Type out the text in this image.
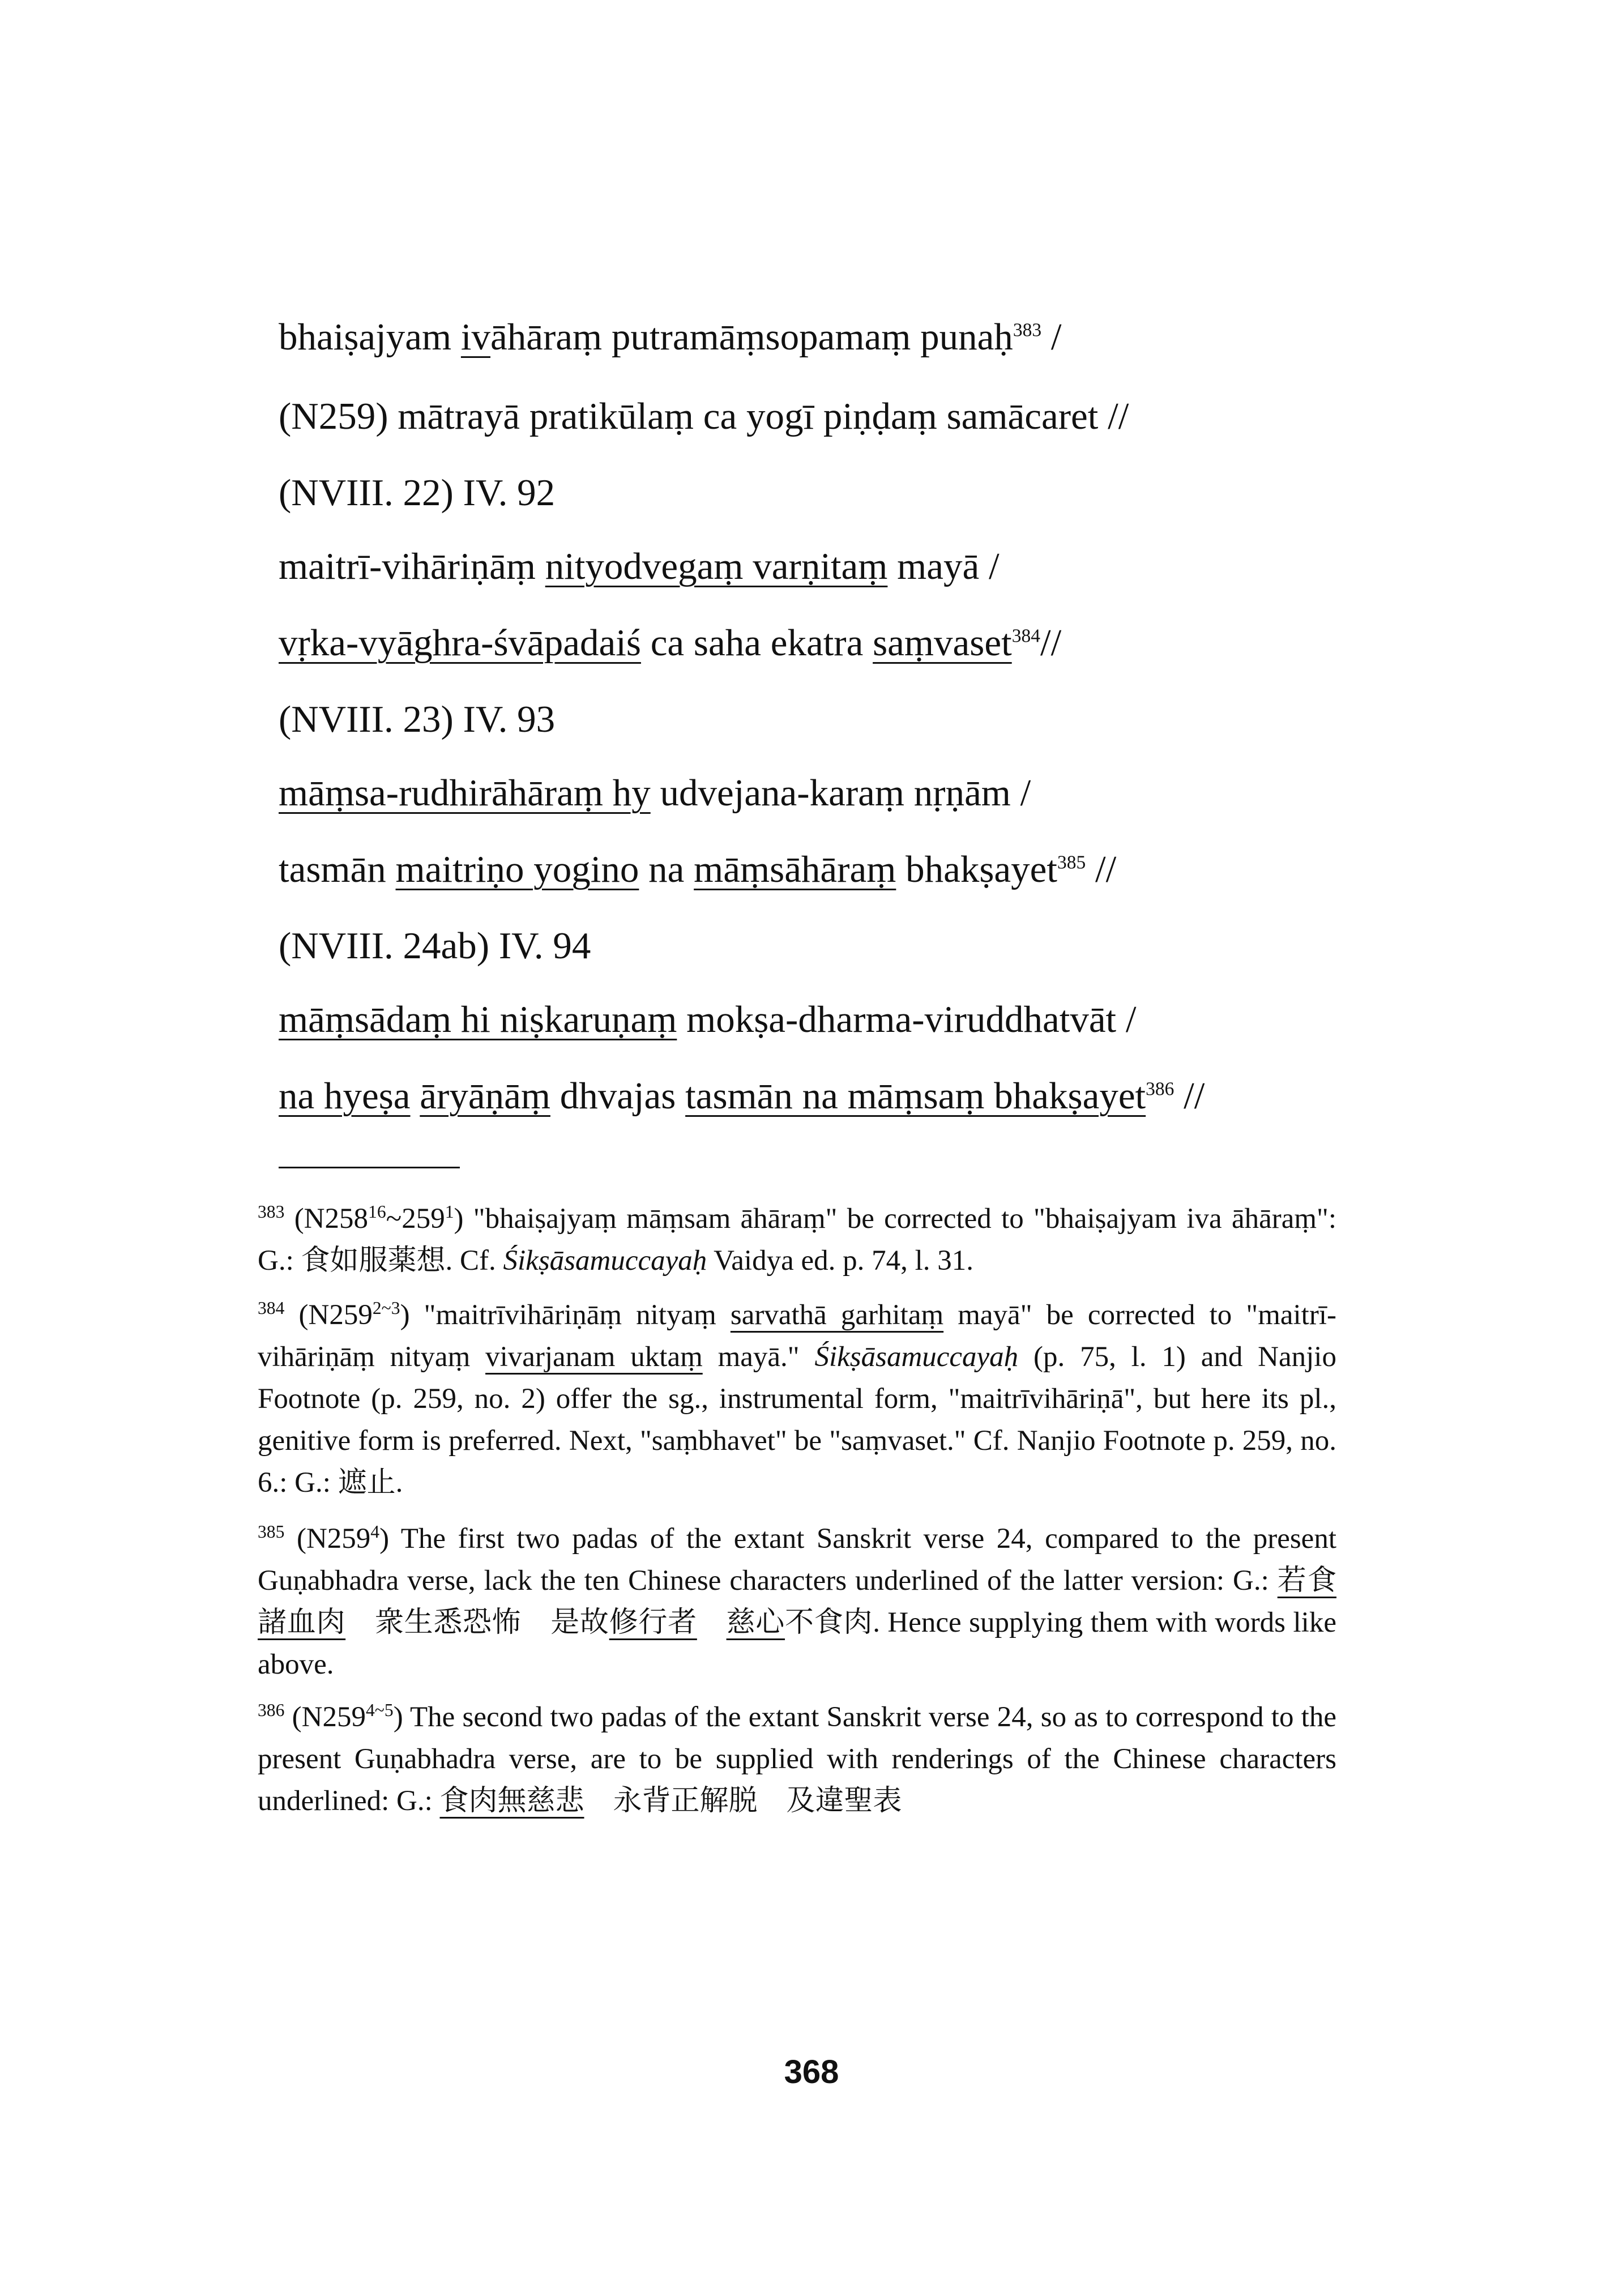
bhaiṣajyam ivāhāraṃ putramāṃsopamaṃ punaḥ$^{383}$ /
(N259) mātrayā pratikūlaṃ ca yogī piṇḍaṃ samācaret //
(NVIII. 22) IV. 92
maitrī-vihāriṇāṃ nityodvegaṃ varṇitaṃ mayā /
vṛka-vyāghra-śvāpadaiś ca saha ekatra saṃvaset$^{384}$//
(NVIII. 23) IV. 93
māṃsa-rudhirāhāraṃ hy udvejana-karaṃ nṛṇām /
tasmān maitriṇo yogino na māṃsāhāraṃ bhakṣayet$^{385}$ //
(NVIII. 24ab) IV. 94
māṃsādaṃ hi niṣkaruṇaṃ mokṣa-dharma-viruddhatvāt /
na hyeṣa āryāṇāṃ dhvajas tasmān na māṃsaṃ bhakṣayet$^{386}$ //
$^{383}$ (N258$^{16}$~259$^1$) "bhaiṣajyaṃ māṃsam āhāraṃ" be corrected to "bhaiṣajyam iva āhāraṃ": G.: 食如服薬想. Cf. Śikṣāsamuccayaḥ Vaidya ed. p. 74, l. 31.
$^{384}$ (N259$^{2\sim 3}$) "maitrīvihāriṇāṃ nityaṃ sarvathā garhitaṃ mayā" be corrected to "maitrī-vihāriṇāṃ nityaṃ vivarjanam uktaṃ mayā." Śikṣāsamuccayaḥ (p. 75, l. 1) and Nanjio Footnote (p. 259, no. 2) offer the sg., instrumental form, "maitrīvihāriṇā", but here its pl., genitive form is preferred. Next, "saṃbhavet" be "saṃvaset." Cf. Nanjio Footnote p. 259, no. 6.: G.: 遮止.
$^{385}$ (N259$^4$) The first two padas of the extant Sanskrit verse 24, compared to the present Guṇabhadra verse, lack the ten Chinese characters underlined of the latter version: G.: 若食諸血肉　衆生悉恐怖　是故修行者　 慈心不食肉. Hence supplying them with words like above.
$^{386}$ (N259$^{4\sim 5}$) The second two padas of the extant Sanskrit verse 24, so as to correspond to the present Guṇabhadra verse, are to be supplied with renderings of the Chinese characters underlined: G.: 食肉無慈悲　永背正解脱　及違聖表
368
